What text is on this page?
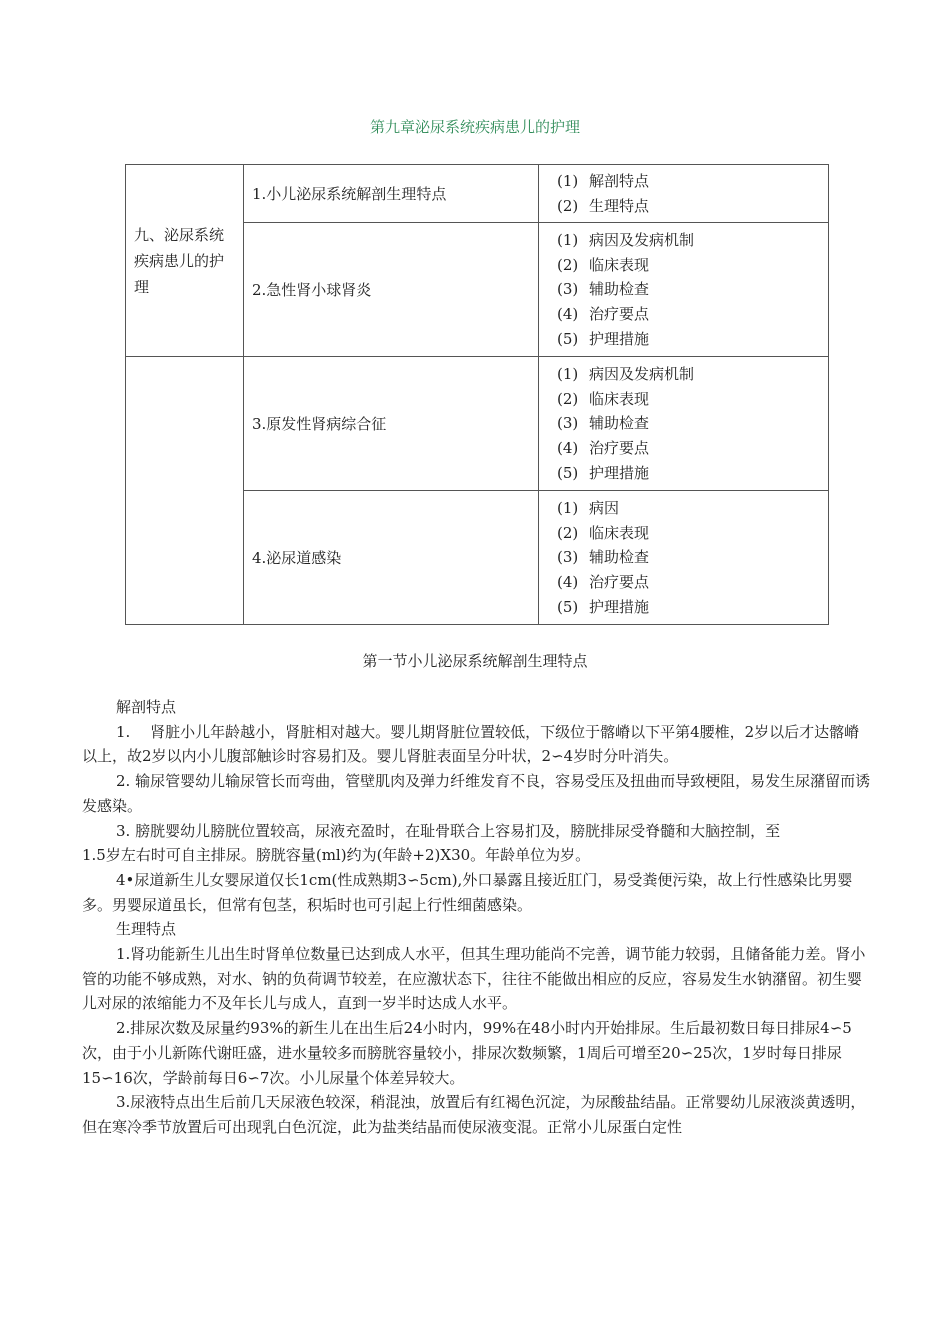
第九章泌尿系统疾病患儿的护理
九、泌尿系统疾病患儿的护理	1.小儿泌尿系统解剖生理特点	(1) 解剖特点
(2) 生理特点

	2.急性肾小球肾炎	(1) 病因及发病机制
(2) 临床表现
(3) 辅助检查
(4) 治疗要点
(5) 护理措施

	3.原发性肾病综合征	(1) 病因及发病机制
(2) 临床表现
(3) 辅助检查
(4) 治疗要点
(5) 护理措施

	4.泌尿道感染	(1) 病因
(2) 临床表现
(3) 辅助检查
(4) 治疗要点
(5) 护理措施
第一节小儿泌尿系统解剖生理特点

解剖特点

1.　 肾脏小儿年龄越小，肾脏相对越大。婴儿期肾脏位置较低，下级位于髂嵴以下平第4腰椎，2岁以后才达髂嵴以上，故2岁以内小儿腹部触诊时容易扪及。婴儿肾脏表面呈分叶状，2∽4岁时分叶消失。

2. 输尿管婴幼儿输尿管长而弯曲，管壁肌肉及弹力纤维发育不良，容易受压及扭曲而导致梗阻，易发生尿潴留而诱发感染。

3. 膀胱婴幼儿膀胱位置较高，尿液充盈时，在耻骨联合上容易扪及，膀胱排尿受脊髓和大脑控制，至

1.5岁左右时可自主排尿。膀胱容量(ml)约为(年龄+2)X30。年龄单位为岁。

4•尿道新生儿女婴尿道仅长1cm(性成熟期3∽5cm),外口暴露且接近肛门，易受粪便污染，故上行性感染比男婴多。男婴尿道虽长，但常有包茎，积垢时也可引起上行性细菌感染。

生理特点

1.肾功能新生儿出生时肾单位数量已达到成人水平，但其生理功能尚不完善，调节能力较弱，且储备能力差。肾小管的功能不够成熟，对水、钠的负荷调节较差，在应激状态下，往往不能做出相应的反应，容易发生水钠潴留。初生婴儿对尿的浓缩能力不及年长儿与成人，直到一岁半时达成人水平。

2.排尿次数及尿量约93%的新生儿在出生后24小时内，99%在48小时内开始排尿。生后最初数日每日排尿4∽5次，由于小儿新陈代谢旺盛，进水量较多而膀胱容量较小，排尿次数频繁，1周后可增至20∽25次，1岁时每日排尿15∽16次，学龄前每日6∽7次。小儿尿量个体差异较大。

3.尿液特点出生后前几天尿液色较深，稍混浊，放置后有红褐色沉淀，为尿酸盐结晶。正常婴幼儿尿液淡黄透明，但在寒冷季节放置后可出现乳白色沉淀，此为盐类结晶而使尿液变混。正常小儿尿蛋白定性
